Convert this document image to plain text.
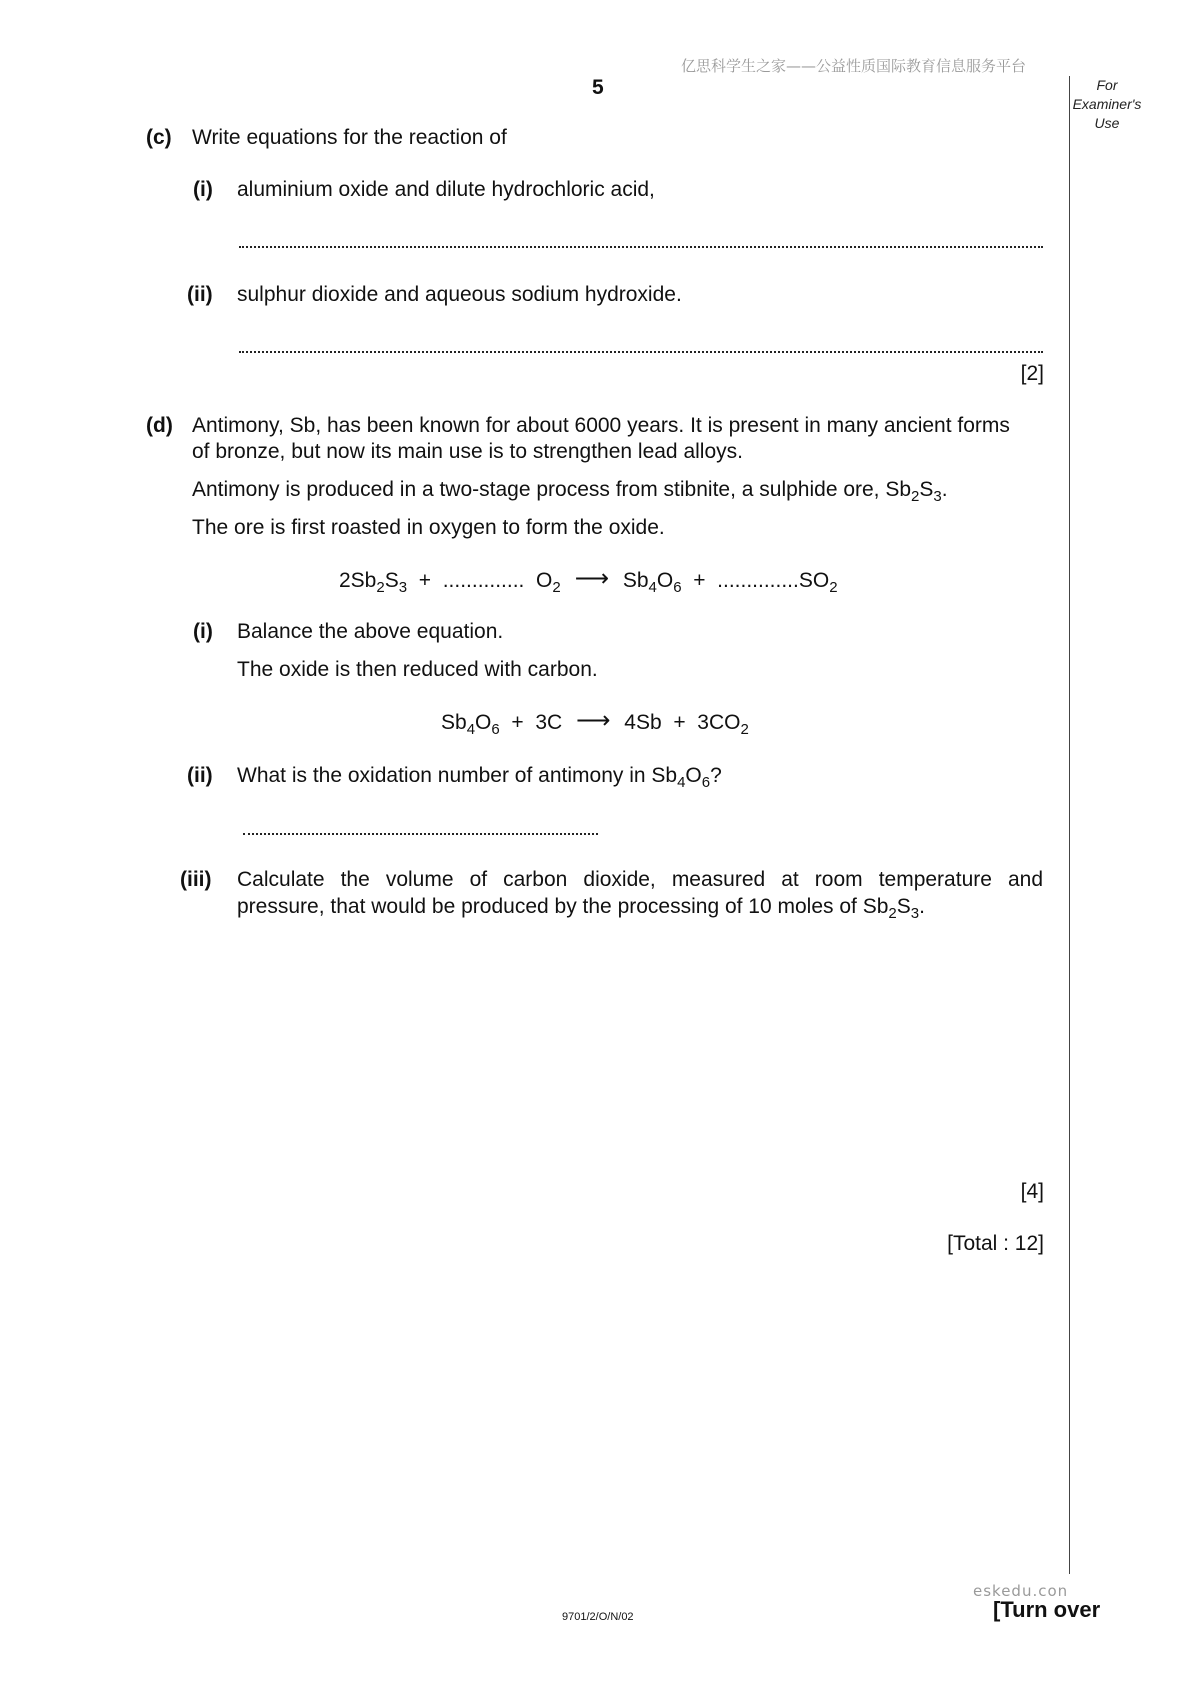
亿思科学生之家——公益性质国际教育信息服务平台
5	For
Examiner's
Use
(c) Write equations for the reaction of
(i) aluminium oxide and dilute hydrochloric acid,
(ii) sulphur dioxide and aqueous sodium hydroxide.
[2]
(d) Antimony, Sb, has been known for about 6000 years. It is present in many ancient forms
of bronze, but now its main use is to strengthen lead alloys.
Antimony is produced in a two-stage process from stibnite, a sulphide ore, $Sb_2S_3$.
The ore is first roasted in oxygen to form the oxide.
$2Sb_2S_3$ + .............. $O_2$ ⟶ $Sb_4O_6 + ..............SO_2$
(i) Balance the above equation.
The oxide is then reduced with carbon.
$Sb_4O_6 + 3C$ ⟶ $4Sb + 3CO_2$
(ii) What is the oxidation number of antimony in $Sb_4O_6$?
(iii) Calculate the volume of carbon dioxide, measured at room temperature and
pressure, that would be produced by the processing of 10 moles of $Sb_2S_3$.
[4]
[Total : 12]
eskedu.con
9701/2/O/N/02	[Turn over
